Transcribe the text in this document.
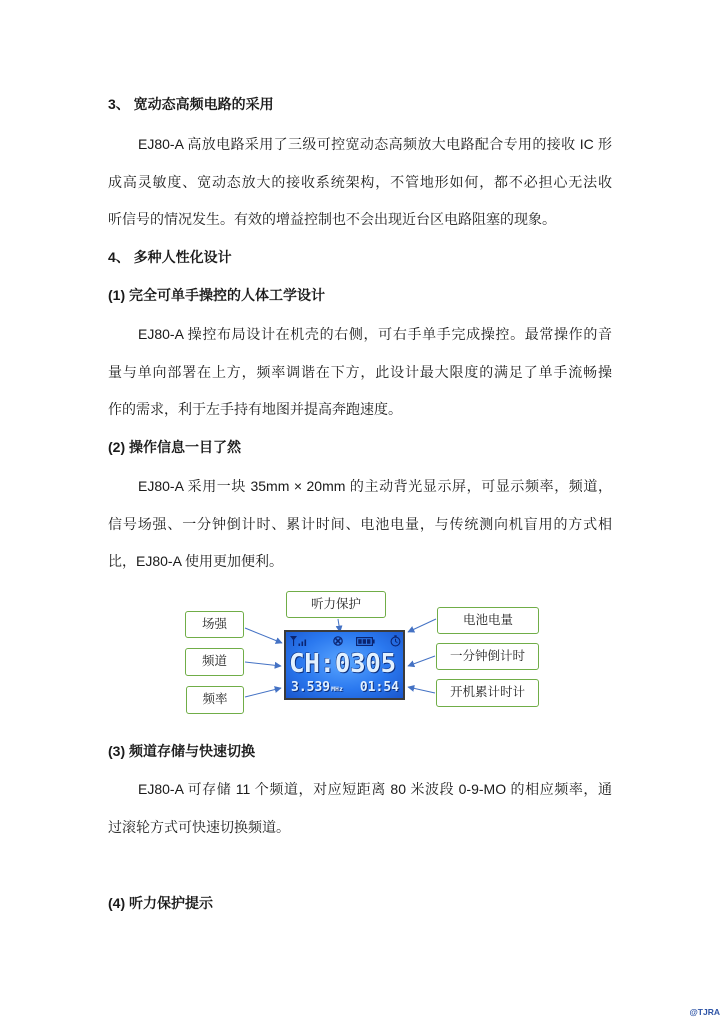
3、 宽动态高频电路的采用
EJ80-A 高放电路采用了三级可控宽动态高频放大电路配合专用的接收 IC 形
成高灵敏度、宽动态放大的接收系统架构，不管地形如何，都不必担心无法收
听信号的情况发生。有效的增益控制也不会出现近台区电路阻塞的现象。
4、 多种人性化设计
(1) 完全可单手操控的人体工学设计
EJ80-A 操控布局设计在机壳的右侧，可右手单手完成操控。最常操作的音
量与单向部署在上方，频率调谐在下方，此设计最大限度的满足了单手流畅操
作的需求，利于左手持有地图并提高奔跑速度。
(2) 操作信息一目了然
EJ80-A 采用一块 35mm × 20mm 的主动背光显示屏，可显示频率，频道，
信号场强、一分钟倒计时、累计时间、电池电量，与传统测向机盲用的方式相
比，EJ80-A 使用更加便利。
听力保护
场强
频道
频率
电池电量
一分钟倒计时
开机累计时计
CH:0305
3.539MHz 01:54
(3) 频道存储与快速切换
EJ80-A 可存储 11 个频道，对应短距离 80 米波段 0-9-MO 的相应频率，通
过滚轮方式可快速切换频道。
(4) 听力保护提示
@TJRA
